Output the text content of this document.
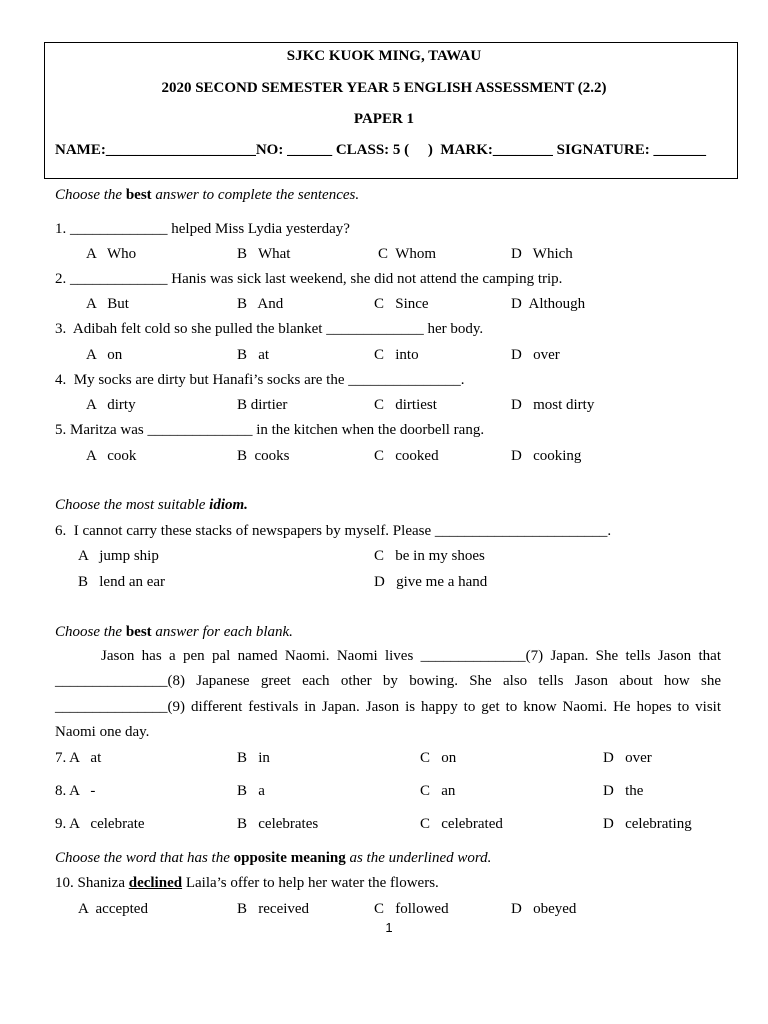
SJKC KUOK MING, TAWAU
2020 SECOND SEMESTER YEAR 5 ENGLISH ASSESSMENT (2.2)
PAPER 1
NAME:____________________NO: ______ CLASS: 5 (     )  MARK:________ SIGNATURE: _______
Choose the best answer to complete the sentences.
1. _____________ helped Miss Lydia yesterday?
A   Who	B   What	C  Whom	D   Which
2. _____________ Hanis was sick last weekend, she did not attend the camping trip.
A   But	B   And	C   Since	D  Although
3.  Adibah felt cold so she pulled the blanket _____________ her body.
A   on	B   at	C   into	D   over
4.  My socks are dirty but Hanafi’s socks are the _______________.
A   dirty	B dirtier	C   dirtiest	D   most dirty
5. Maritza was ______________ in the kitchen when the doorbell rang.
A   cook	B  cooks	C   cooked	D   cooking
Choose the most suitable idiom.
6.  I cannot carry these stacks of newspapers by myself. Please _______________________.
A   jump ship	C   be in my shoes
B   lend an ear	D   give me a hand
Choose the best answer for each blank.
Jason has a pen pal named Naomi. Naomi lives ______________(7) Japan. She tells Jason that _______________(8) Japanese greet each other by bowing. She also tells Jason about how she _______________(9) different festivals in Japan. Jason is happy to get to know Naomi. He hopes to visit Naomi one day.
7. A   at	B   in	C   on	D   over
8. A   -	B   a	C   an	D   the
9. A   celebrate	B   celebrates	C   celebrated	D   celebrating
Choose the word that has the opposite meaning as the underlined word.
10. Shaniza declined Laila’s offer to help her water the flowers.
A  accepted	B   received	C   followed	D   obeyed
1
